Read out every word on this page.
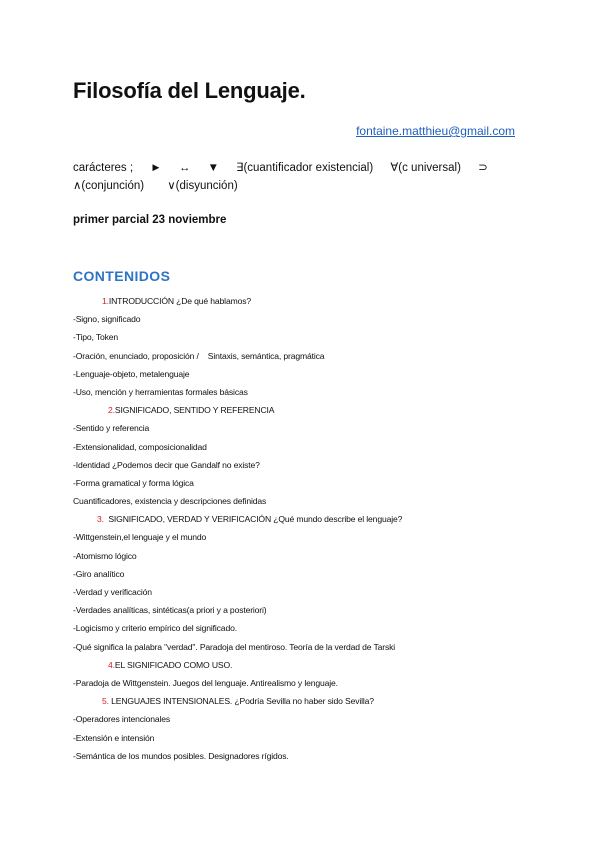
Filosofía del Lenguaje.
fontaine.matthieu@gmail.com
carácteres ; ► ↔ ▼ ∃(cuantificador existencial) ∀(c universal) ⊃
∧(conjunción) ∨(disyunción)
primer parcial 23 noviembre
CONTENIDOS
1.INTRODUCCIÓN ¿De qué hablamos?
-Signo, significado
-Tipo, Token
-Oración, enunciado, proposición /    Sintaxis, semántica, pragmática
-Lenguaje-objeto, metalenguaje
-Uso, mención y herramientas formales básicas
2.SIGNIFICADO, SENTIDO Y REFERENCIA
-Sentido y referencia
-Extensionalidad, composicionalidad
-Identidad ¿Podemos decir que Gandalf no existe?
-Forma gramatical y forma lógica
Cuantificadores, existencia y descripciones definidas
3.  SIGNIFICADO, VERDAD Y VERIFICACIÓN ¿Qué mundo describe el lenguaje?
-Wittgenstein,el lenguaje y el mundo
-Atomismo lógico
-Giro analítico
-Verdad y verificación
-Verdades analíticas, sintéticas(a priori y a posteriori)
-Logicismo y criterio empírico del significado.
-Qué significa la palabra "verdad". Paradoja del mentiroso. Teoría de la verdad de Tarski
4.EL SIGNIFICADO COMO USO.
-Paradoja de Wittgenstein. Juegos del lenguaje. Antirealismo y lenguaje.
5. LENGUAJES INTENSIONALES. ¿Podría Sevilla no haber sido Sevilla?
-Operadores intencionales
-Extensión e intensión
-Semántica de los mundos posibles. Designadores rígidos.
